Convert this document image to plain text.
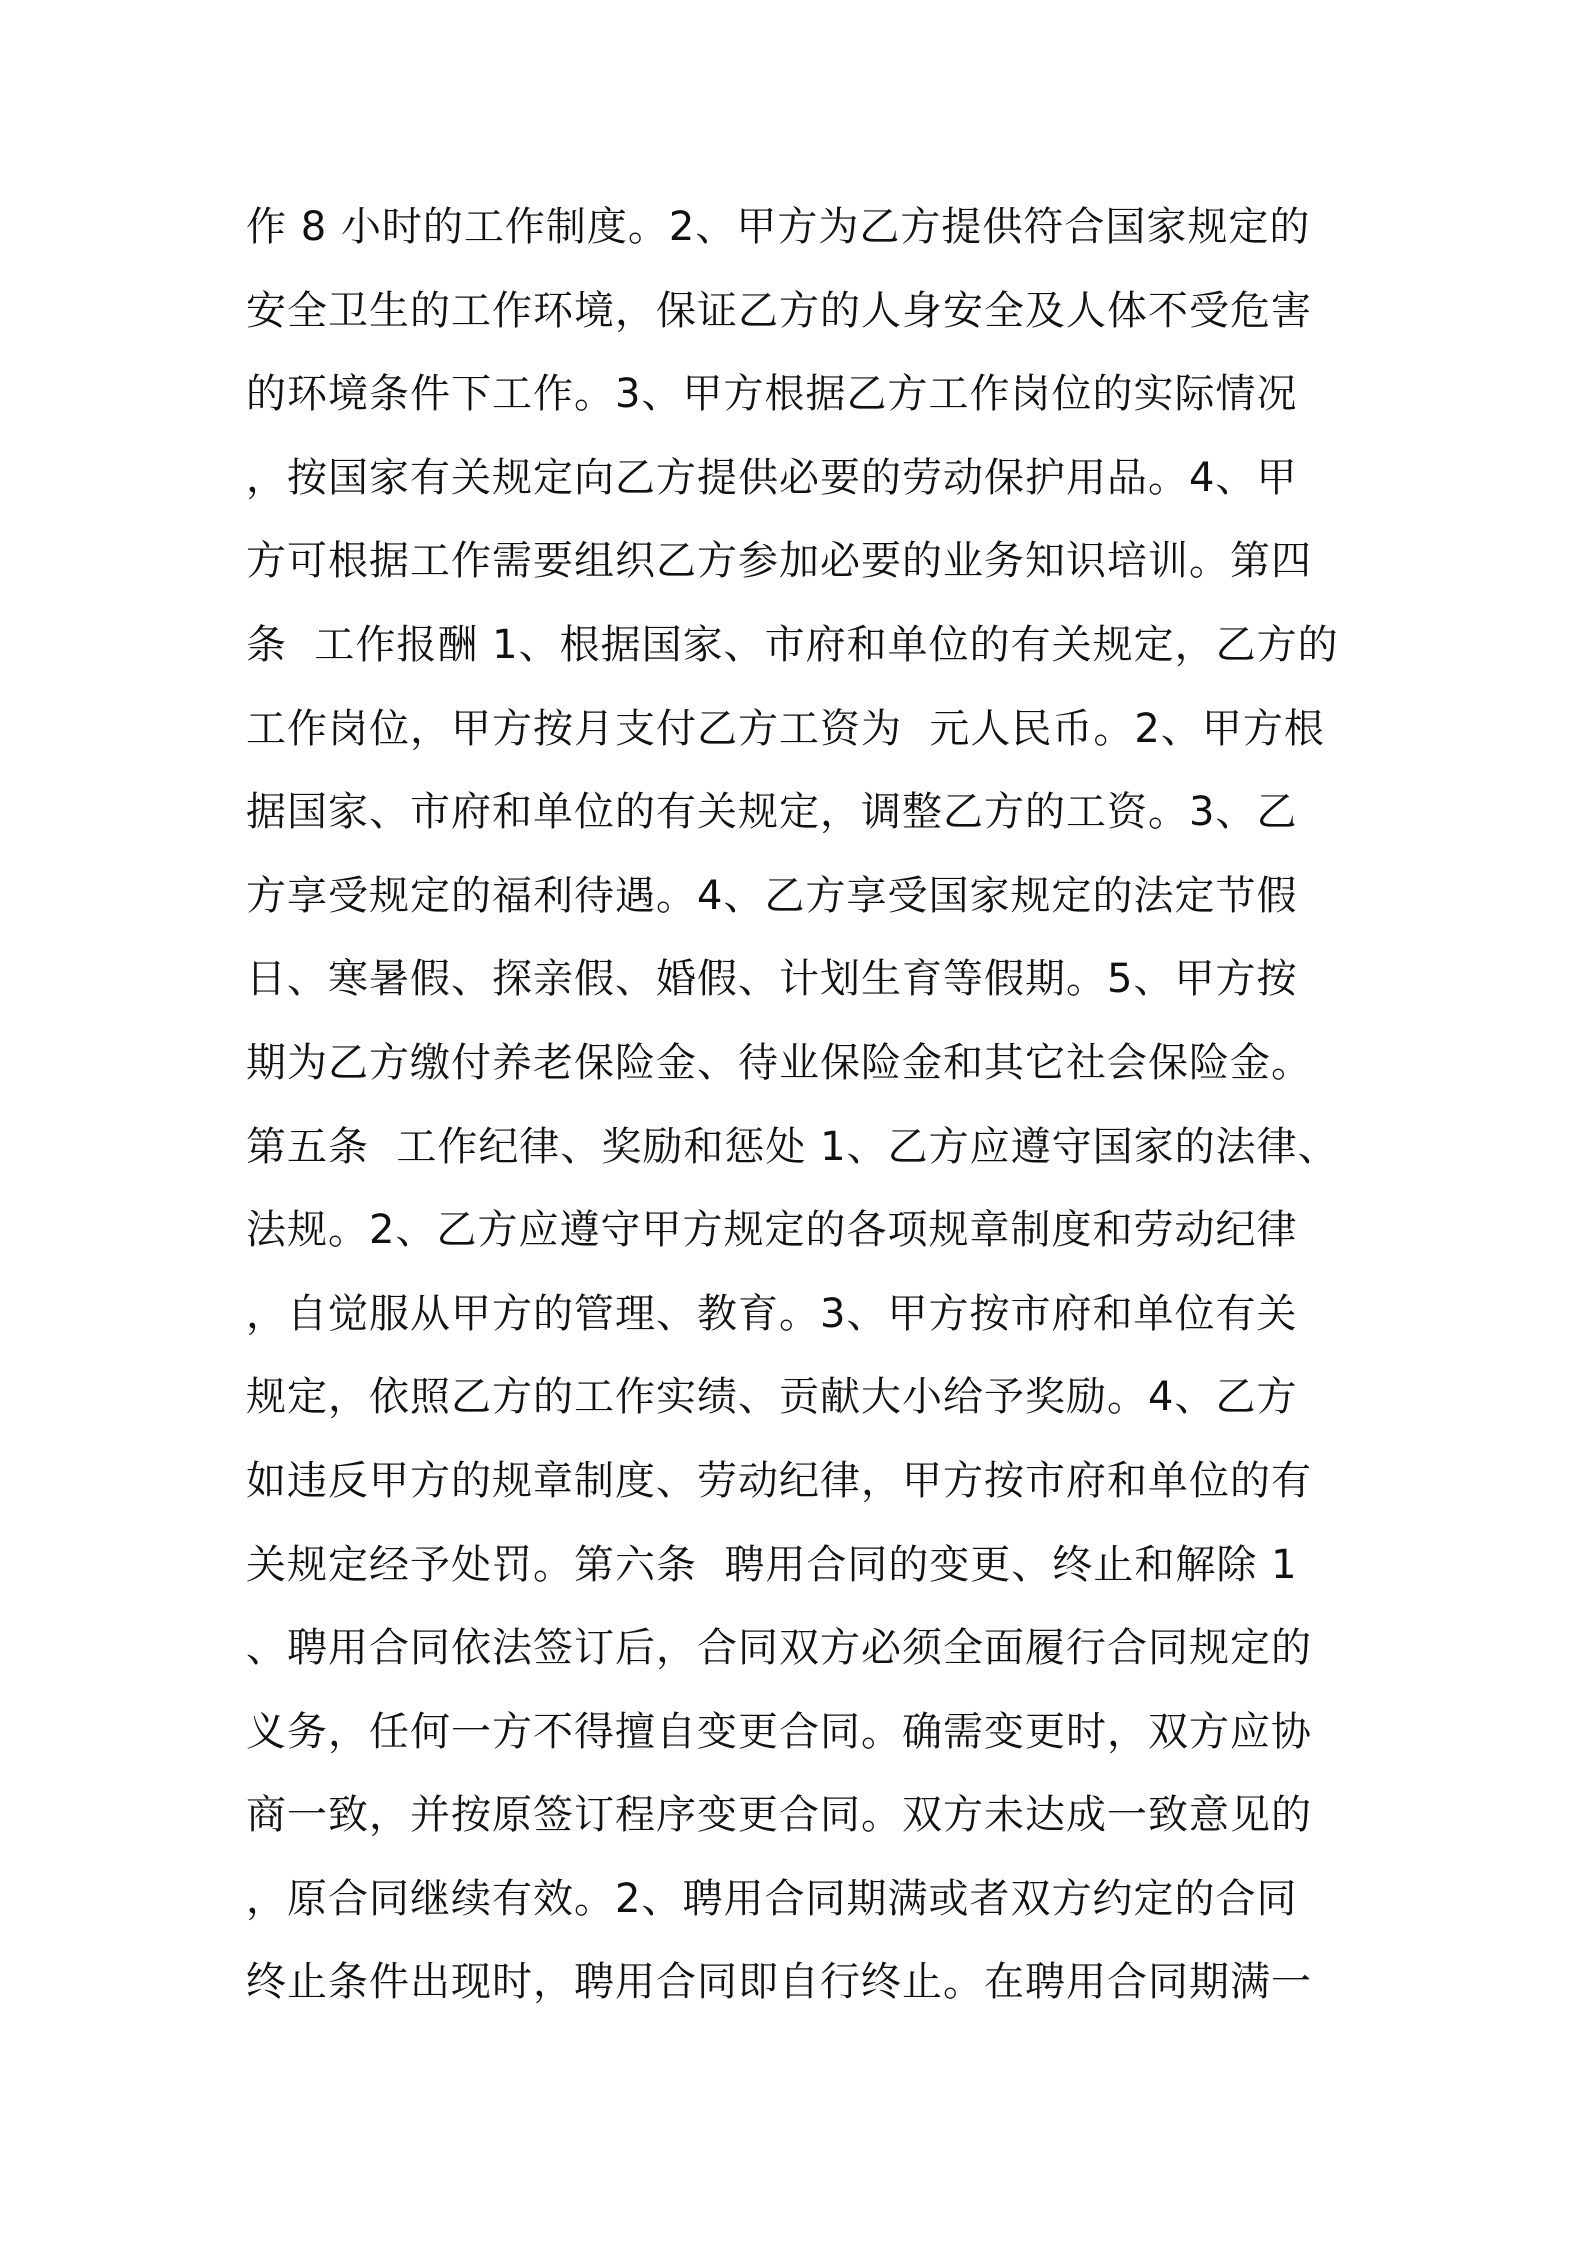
作 8 小时的工作制度。2、甲方为乙方提供符合国家规定的
安全卫生的工作环境，保证乙方的人身安全及人体不受危害
的环境条件下工作。3、甲方根据乙方工作岗位的实际情况
，按国家有关规定向乙方提供必要的劳动保护用品。4、甲
方可根据工作需要组织乙方参加必要的业务知识培训。第四
条  工作报酬 1、根据国家、市府和单位的有关规定，乙方的
工作岗位，甲方按月支付乙方工资为  元人民币。2、甲方根
据国家、市府和单位的有关规定，调整乙方的工资。3、乙
方享受规定的福利待遇。4、乙方享受国家规定的法定节假
日、寒暑假、探亲假、婚假、计划生育等假期。5、甲方按
期为乙方缴付养老保险金、待业保险金和其它社会保险金。
第五条  工作纪律、奖励和惩处 1、乙方应遵守国家的法律、
法规。2、乙方应遵守甲方规定的各项规章制度和劳动纪律
，自觉服从甲方的管理、教育。3、甲方按市府和单位有关
规定，依照乙方的工作实绩、贡献大小给予奖励。4、乙方
如违反甲方的规章制度、劳动纪律，甲方按市府和单位的有
关规定经予处罚。第六条  聘用合同的变更、终止和解除 1
、聘用合同依法签订后，合同双方必须全面履行合同规定的
义务，任何一方不得擅自变更合同。确需变更时，双方应协
商一致，并按原签订程序变更合同。双方未达成一致意见的
，原合同继续有效。2、聘用合同期满或者双方约定的合同
终止条件出现时，聘用合同即自行终止。在聘用合同期满一
